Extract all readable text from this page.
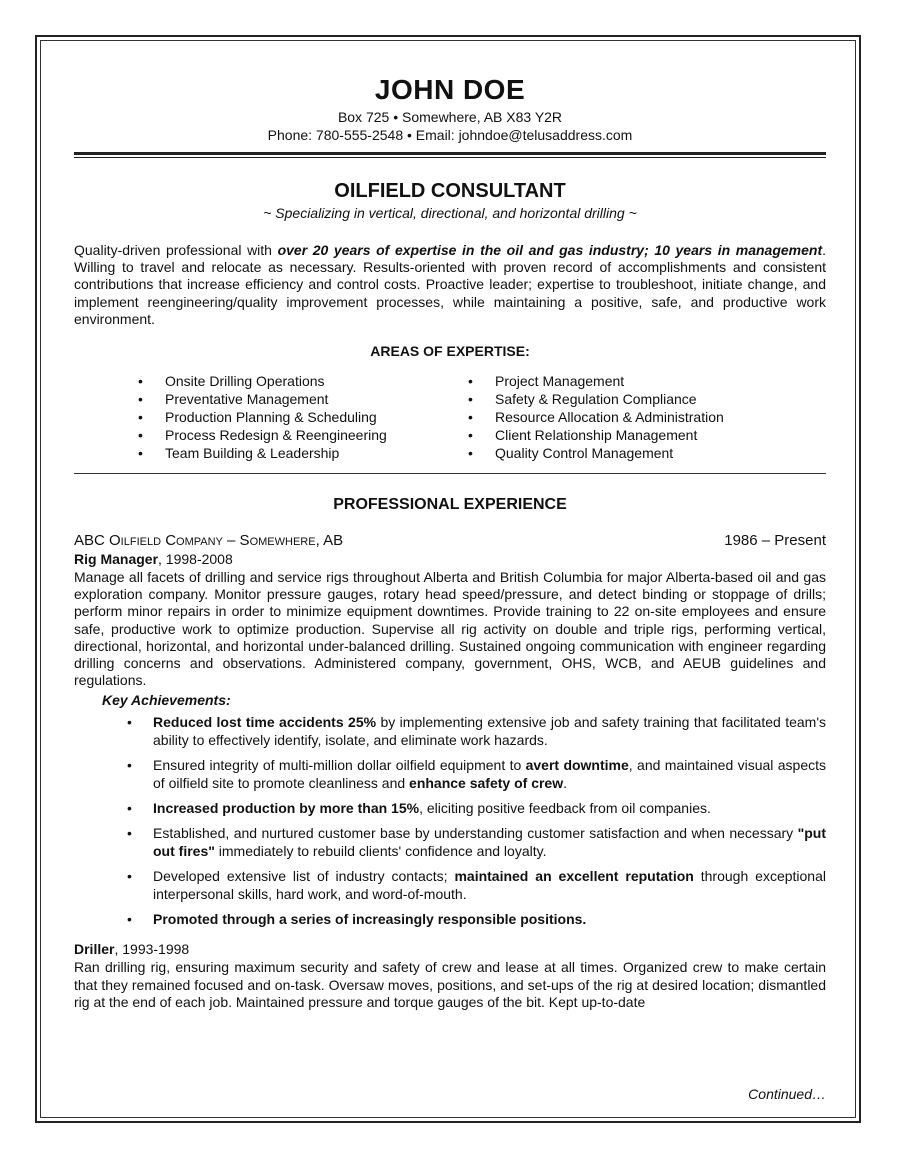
JOHN DOE
Box 725 • Somewhere, AB X83 Y2R
Phone: 780-555-2548 • Email: johndoe@telusaddress.com
OILFIELD CONSULTANT
~ Specializing in vertical, directional, and horizontal drilling ~
Quality-driven professional with over 20 years of expertise in the oil and gas industry; 10 years in management. Willing to travel and relocate as necessary. Results-oriented with proven record of accomplishments and consistent contributions that increase efficiency and control costs. Proactive leader; expertise to troubleshoot, initiate change, and implement reengineering/quality improvement processes, while maintaining a positive, safe, and productive work environment.
AREAS OF EXPERTISE:
• Onsite Drilling Operations
• Preventative Management
• Production Planning & Scheduling
• Process Redesign & Reengineering
• Team Building & Leadership
• Project Management
• Safety & Regulation Compliance
• Resource Allocation & Administration
• Client Relationship Management
• Quality Control Management
PROFESSIONAL EXPERIENCE
ABC Oilfield Company – Somewhere, AB	1986 – Present
Rig Manager, 1998-2008
Manage all facets of drilling and service rigs throughout Alberta and British Columbia for major Alberta-based oil and gas exploration company. Monitor pressure gauges, rotary head speed/pressure, and detect binding or stoppage of drills; perform minor repairs in order to minimize equipment downtimes. Provide training to 22 on-site employees and ensure safe, productive work to optimize production. Supervise all rig activity on double and triple rigs, performing vertical, directional, horizontal, and horizontal under-balanced drilling. Sustained ongoing communication with engineer regarding drilling concerns and observations. Administered company, government, OHS, WCB, and AEUB guidelines and regulations.
Key Achievements:
• Reduced lost time accidents 25% by implementing extensive job and safety training that facilitated team's ability to effectively identify, isolate, and eliminate work hazards.
• Ensured integrity of multi-million dollar oilfield equipment to avert downtime, and maintained visual aspects of oilfield site to promote cleanliness and enhance safety of crew.
• Increased production by more than 15%, eliciting positive feedback from oil companies.
• Established, and nurtured customer base by understanding customer satisfaction and when necessary "put out fires" immediately to rebuild clients' confidence and loyalty.
• Developed extensive list of industry contacts; maintained an excellent reputation through exceptional interpersonal skills, hard work, and word-of-mouth.
• Promoted through a series of increasingly responsible positions.
Driller, 1993-1998
Ran drilling rig, ensuring maximum security and safety of crew and lease at all times. Organized crew to make certain that they remained focused and on-task. Oversaw moves, positions, and set-ups of the rig at desired location; dismantled rig at the end of each job. Maintained pressure and torque gauges of the bit. Kept up-to-date
Continued…
